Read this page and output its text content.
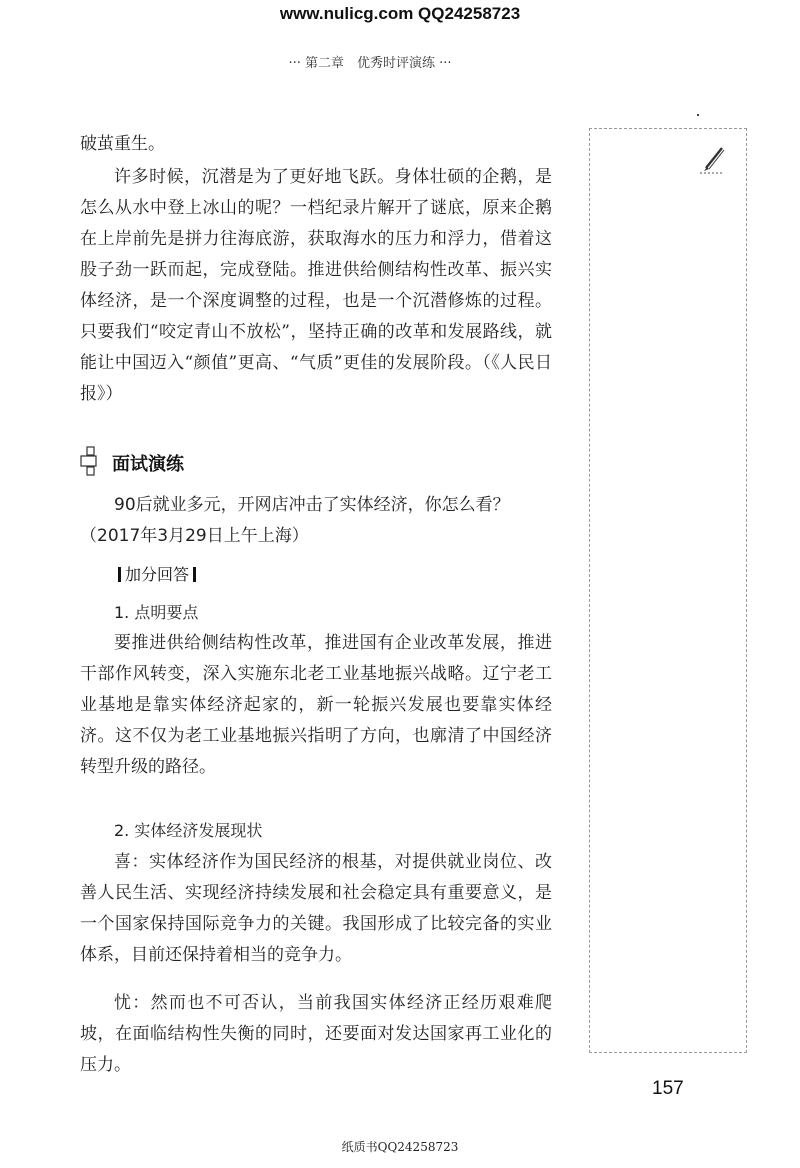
www.nulicg.com QQ24258723
··· 第二章　优秀时评演练 ···

破茧重生。

许多时候，沉潜是为了更好地飞跃。身体壮硕的企鹅，是怎么从水中登上冰山的呢？一档纪录片解开了谜底，原来企鹅在上岸前先是拼力往海底游，获取海水的压力和浮力，借着这股子劲一跃而起，完成登陆。推进供给侧结构性改革、振兴实体经济，是一个深度调整的过程，也是一个沉潜修炼的过程。只要我们“咬定青山不放松”，坚持正确的改革和发展路线，就能让中国迈入“颜值”更高、“气质”更佳的发展阶段。（《人民日报》）

面试演练

90后就业多元，开网店冲击了实体经济，你怎么看？（2017年3月29日上午上海）

加分回答
1. 点明要点

要推进供给侧结构性改革，推进国有企业改革发展，推进干部作风转变，深入实施东北老工业基地振兴战略。辽宁老工业基地是靠实体经济起家的，新一轮振兴发展也要靠实体经济。这不仅为老工业基地振兴指明了方向，也廓清了中国经济转型升级的路径。

2. 实体经济发展现状

喜：实体经济作为国民经济的根基，对提供就业岗位、改善人民生活、实现经济持续发展和社会稳定具有重要意义，是一个国家保持国际竞争力的关键。我国形成了比较完备的实业体系，目前还保持着相当的竞争力。

忧：然而也不可否认，当前我国实体经济正经历艰难爬坡，在面临结构性失衡的同时，还要面对发达国家再工业化的压力。

157
纸质书QQ24258723
